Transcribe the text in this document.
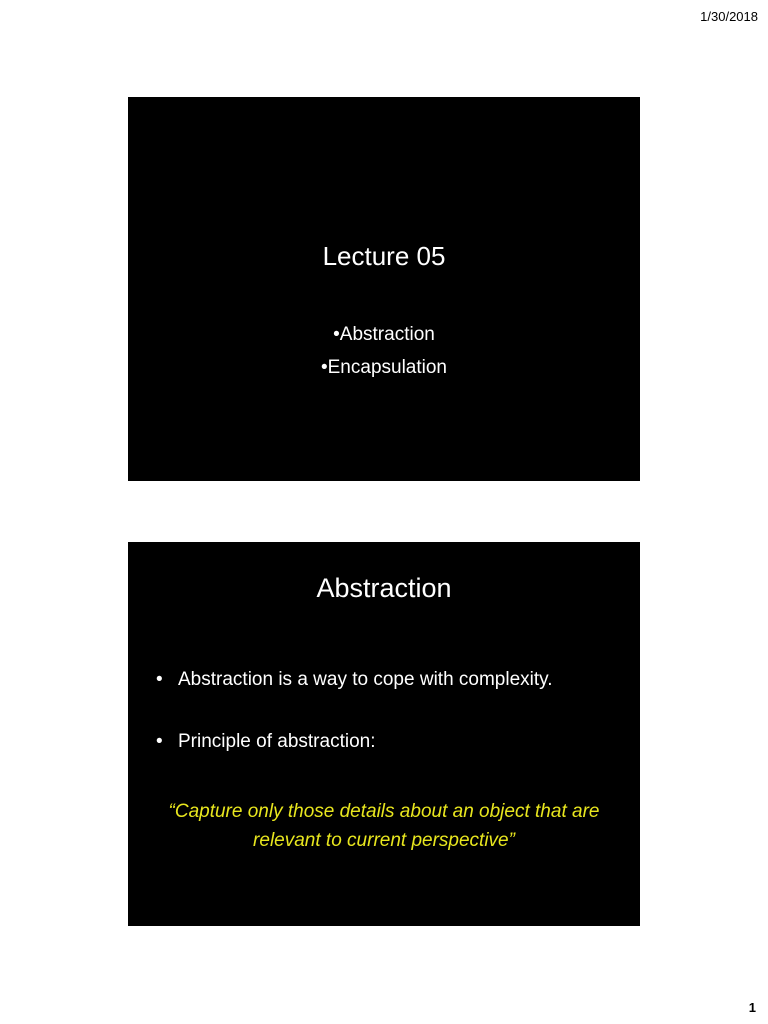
1/30/2018
Lecture 05
•Abstraction
•Encapsulation
Abstraction
• Abstraction is a way to cope with complexity.
• Principle of abstraction:
“Capture only those details about an object that are relevant to current perspective”
1
